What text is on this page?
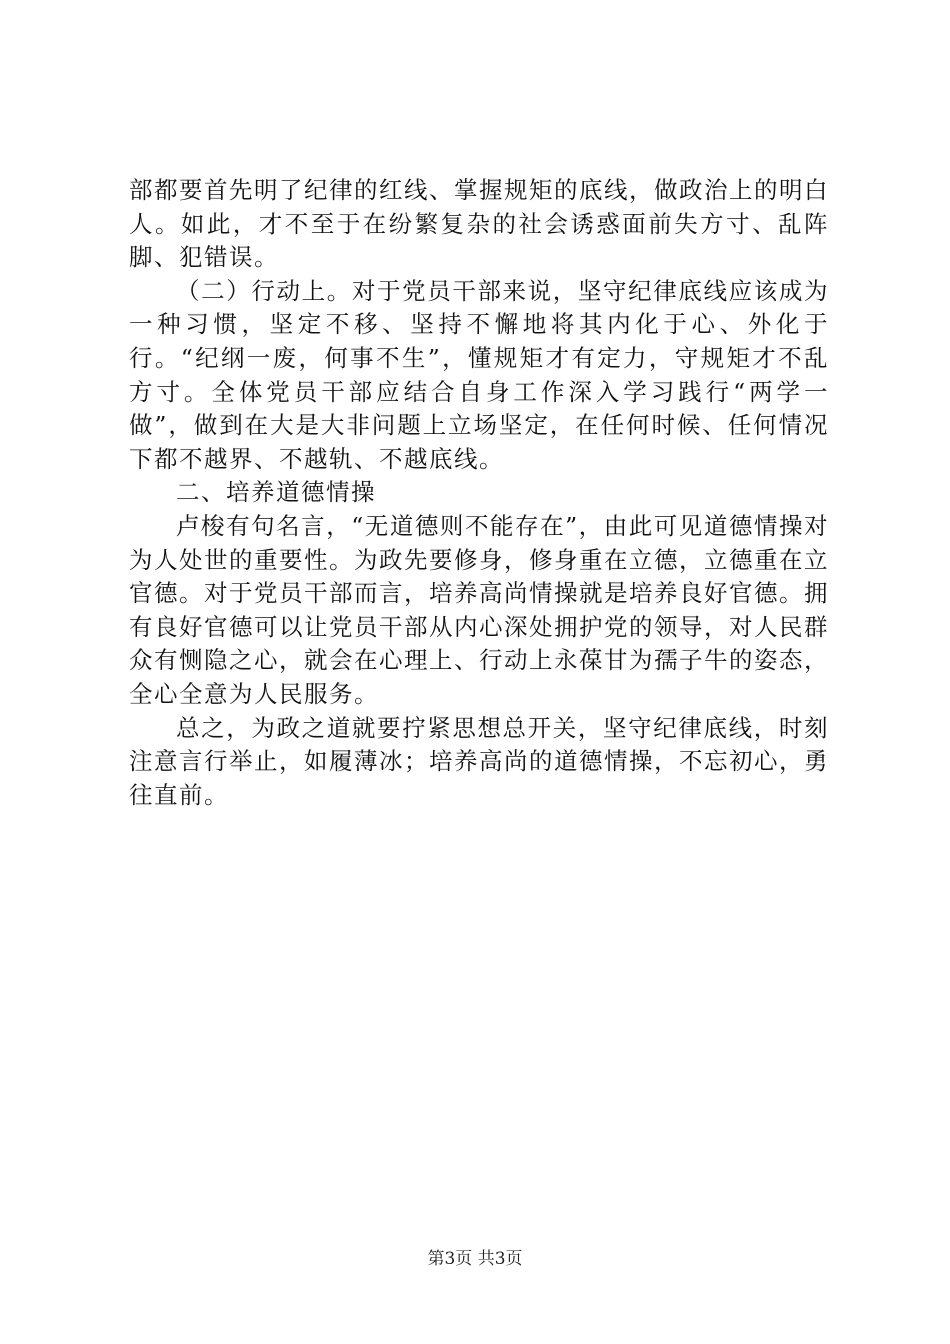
部都要首先明了纪律的红线、掌握规矩的底线，做政治上的明白人。如此，才不至于在纷繁复杂的社会诱惑面前失方寸、乱阵脚、犯错误。

（二）行动上。对于党员干部来说，坚守纪律底线应该成为一种习惯，坚定不移、坚持不懈地将其内化于心、外化于行。“纪纲一废，何事不生”，懂规矩才有定力，守规矩才不乱方寸。全体党员干部应结合自身工作深入学习践行“两学一做”，做到在大是大非问题上立场坚定，在任何时候、任何情况下都不越界、不越轨、不越底线。

二、培养道德情操

卢梭有句名言，“无道德则不能存在”，由此可见道德情操对为人处世的重要性。为政先要修身，修身重在立德，立德重在立官德。对于党员干部而言，培养高尚情操就是培养良好官德。拥有良好官德可以让党员干部从内心深处拥护党的领导，对人民群众有恻隐之心，就会在心理上、行动上永葆甘为孺子牛的姿态，全心全意为人民服务。

总之，为政之道就要拧紧思想总开关，坚守纪律底线，时刻注意言行举止，如履薄冰；培养高尚的道德情操，不忘初心，勇往直前。

第3页 共3页
